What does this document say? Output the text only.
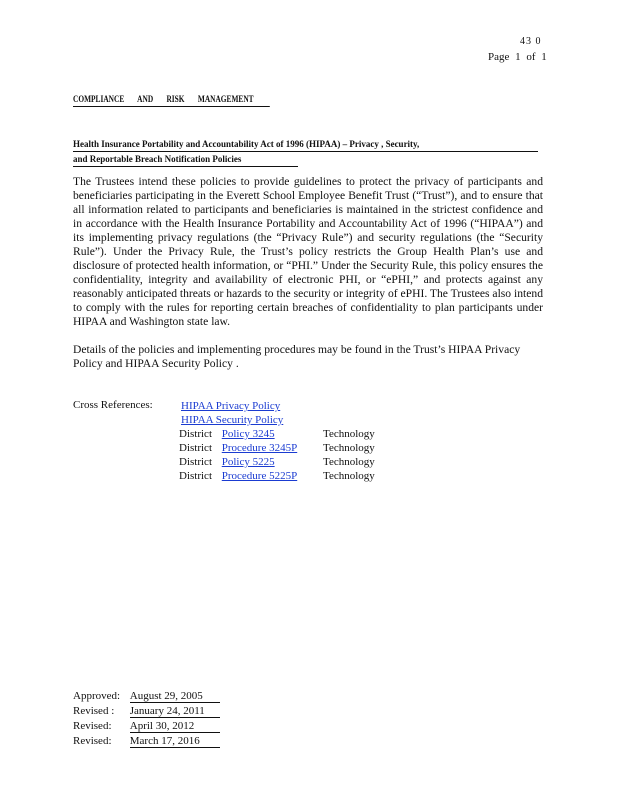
43 0
Page 1 of 1
COMPLIANCE AND RISK MANAGEMENT
Health Insurance Portability and Accountability Act of 1996 (HIPAA) – Privacy , Security,
and Reportable Breach Notification Policies
The Trustees intend these policies to provide guidelines to protect the privacy of participants and beneficiaries participating in the Everett School Employee Benefit Trust (“Trust”), and to ensure that all information related to participants and beneficiaries is maintained in the strictest confidence and in accordance with the Health Insurance Portability and Accountability Act of 1996 (“HIPAA”) and its implementing privacy regulations (the “Privacy Rule”) and security regulations (the “Security Rule”). Under the Privacy Rule, the Trust’s policy restricts the Group Health Plan’s use and disclosure of protected health information, or “PHI.” Under the Security Rule, this policy ensures the confidentiality, integrity and availability of electronic PHI, or “ePHI,” and protects against any reasonably anticipated threats or hazards to the security or integrity of ePHI. The Trustees also intend to comply with the rules for reporting certain breaches of confidentiality to plan participants under HIPAA and Washington state law.
Details of the policies and implementing procedures may be found in the Trust’s HIPAA Privacy Policy and HIPAA Security Policy .
Cross References:	HIPAA Privacy Policy
HIPAA Security Policy
District Policy 3245	Technology
District Procedure 3245P Technology
District Policy 5225	Technology
District Procedure 5225P Technology
Approved: August 29, 2005
Revised : January 24, 2011
Revised: April 30, 2012
Revised: March 17, 2016
